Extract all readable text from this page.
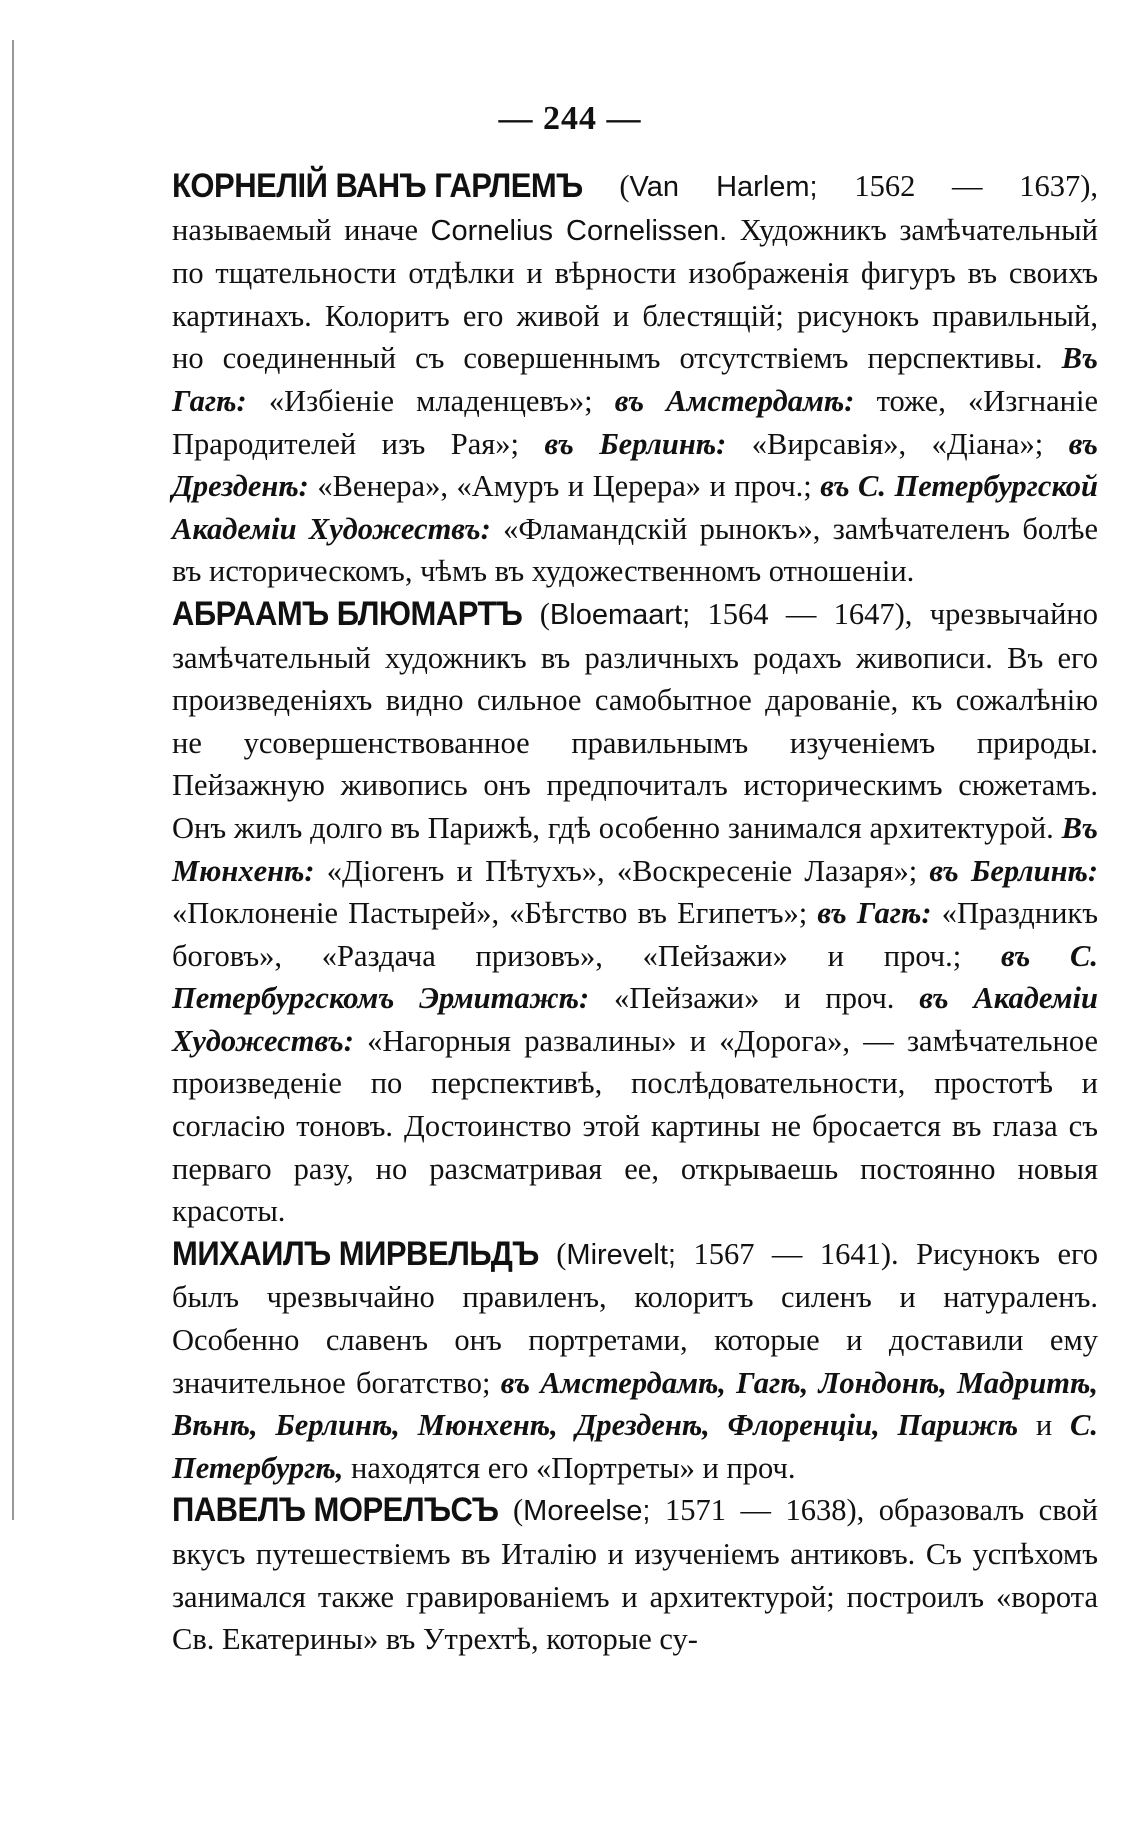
— 244 —

КОРНЕЛІЙ ВАНЪ ГАРЛЕМЪ (Van Harlem; 1562 — 1637), называемый иначе Cornelius Cornelissen. Художникъ замѣчательный по тщательности отдѣлки и вѣрности изображенія фигуръ въ своихъ картинахъ. Колоритъ его живой и блестящій; рисунокъ правильный, но соединенный съ совершеннымъ отсутствіемъ перспективы. Въ Гагѣ: «Избіеніе младенцевъ»; въ Амстердамѣ: тоже, «Изгнаніе Прародителей изъ Рая»; въ Берлинѣ: «Вирсавія», «Діана»; въ Дрезденѣ: «Венера», «Амуръ и Церера» и проч.; въ С. Петербургской Академіи Художествъ: «Фламандскій рынокъ», замѣчателенъ болѣе въ историческомъ, чѣмъ въ художественномъ отношеніи.

АБРААМЪ БЛЮМАРТЪ (Bloemaart; 1564 — 1647), чрезвычайно замѣчательный художникъ въ различныхъ родахъ живописи. Въ его произведеніяхъ видно сильное самобытное дарованіе, къ сожалѣнію не усовершенствованное правильнымъ изученіемъ природы. Пейзажную живопись онъ предпочиталъ историческимъ сюжетамъ. Онъ жилъ долго въ Парижѣ, гдѣ особенно занимался архитектурой. Въ Мюнхенѣ: «Діогенъ и Пѣтухъ», «Воскресеніе Лазаря»; въ Берлинѣ: «Поклоненіе Пастырей», «Бѣгство въ Египетъ»; въ Гагѣ: «Праздникъ боговъ», «Раздача призовъ», «Пейзажи» и проч.; въ С. Петербургскомъ Эрмитажѣ: «Пейзажи» и проч. въ Академіи Художествъ: «Нагорныя развалины» и «Дорога», — замѣчательное произведеніе по перспективѣ, послѣдовательности, простотѣ и согласію тоновъ. Достоинство этой картины не бросается въ глаза съ перваго разу, но разсматривая ее, открываешь постоянно новыя красоты.

МИХАИЛЪ МИРВЕЛЬДЪ (Mirevelt; 1567 — 1641). Рисунокъ его былъ чрезвычайно правиленъ, колоритъ силенъ и натураленъ. Особенно славенъ онъ портретами, которые и доставили ему значительное богатство; въ Амстердамѣ, Гагѣ, Лондонѣ, Мадритѣ, Вѣнѣ, Берлинѣ, Мюнхенѣ, Дрезденѣ, Флоренціи, Парижѣ и С. Петербургѣ, находятся его «Портреты» и проч.

ПАВЕЛЪ МОРЕЛЪСЪ (Moreelse; 1571 — 1638), образовалъ свой вкусъ путешествіемъ въ Италію и изученіемъ антиковъ. Съ успѣхомъ занимался также гравированіемъ и архитектурой; построилъ «ворота Св. Екатерины» въ Утрехтѣ, которые су-
